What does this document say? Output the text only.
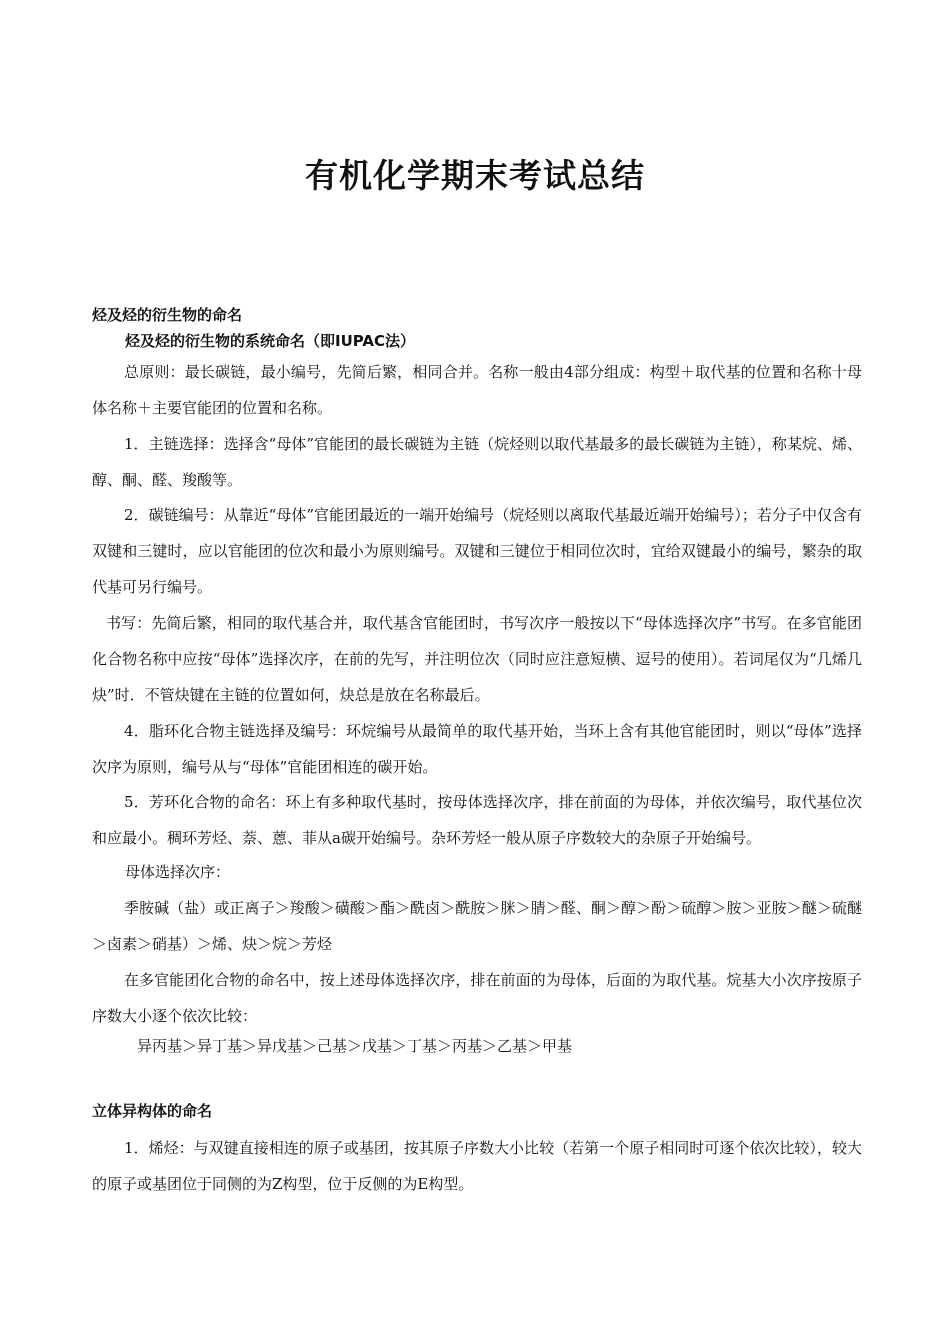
有机化学期末考试总结
烃及烃的衍生物的命名
烃及烃的衍生物的系统命名（即IUPAC法）

总原则：最长碳链，最小编号，先简后繁，相同合并。名称一般由4部分组成：构型＋取代基的位置和名称十母体名称＋主要官能团的位置和名称。

1．主链选择：选择含“母体”官能团的最长碳链为主链（烷烃则以取代基最多的最长碳链为主链），称某烷、烯、醇、酮、醛、羧酸等。

2．碳链编号：从靠近“母体”官能团最近的一端开始编号（烷烃则以离取代基最近端开始编号）；若分子中仅含有双键和三键时，应以官能团的位次和最小为原则编号。双键和三键位于相同位次时，宜给双键最小的编号，繁杂的取代基可另行编号。

书写：先简后繁，相同的取代基合并，取代基含官能团时，书写次序一般按以下“母体选择次序”书写。在多官能团化合物名称中应按“母体”选择次序，在前的先写，并注明位次（同时应注意短横、逗号的使用）。若词尾仅为“几烯几炔”时．不管炔键在主链的位置如何，炔总是放在名称最后。

4．脂环化合物主链选择及编号：环烷编号从最简单的取代基开始，当环上含有其他官能团时，则以“母体”选择次序为原则，编号从与“母体”官能团相连的碳开始。

5．芳环化合物的命名：环上有多种取代基时，按母体选择次序，排在前面的为母体，并依次编号，取代基位次和应最小。稠环芳烃、萘、蒽、菲从a碳开始编号。杂环芳烃一般从原子序数较大的杂原子开始编号。

母体选择次序：

季胺碱（盐）或正离子＞羧酸＞磺酸＞酯＞酰卤＞酰胺＞脒＞腈＞醛、酮＞醇＞酚＞硫醇＞胺＞亚胺＞醚＞硫醚＞卤素＞硝基）＞烯、炔＞烷＞芳烃

在多官能团化合物的命名中，按上述母体选择次序，排在前面的为母体，后面的为取代基。烷基大小次序按原子序数大小逐个依次比较：

异丙基＞异丁基＞异戊基＞己基＞戊基＞丁基＞丙基＞乙基＞甲基

立体异构体的命名

1．烯烃：与双键直接相连的原子或基团，按其原子序数大小比较（若第一个原子相同时可逐个依次比较），较大的原子或基团位于同侧的为Z构型，位于反侧的为E构型。
